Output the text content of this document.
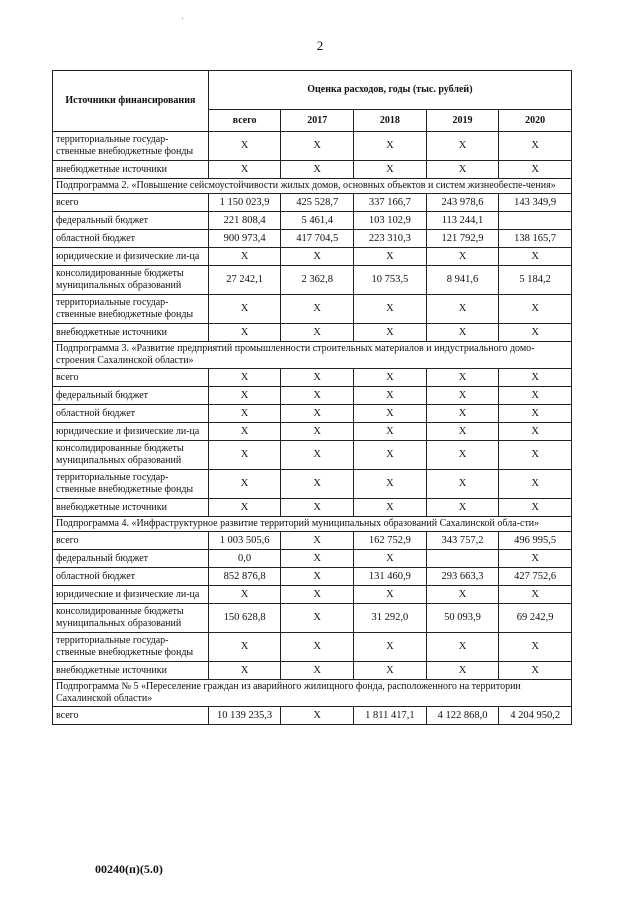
2
Источники финансирования	Оценка расходов, годы (тыс. рублей)				
	всего	2017	2018	2019	2020
территориальные государ-ственные внебюджетные фонды	X	X	X	X	X
внебюджетные источники	X	X	X	X	X
Подпрограмма 2. «Повышение сейсмоустойчивости жилых домов, основных объектов и систем жизнеобеспе-чения»					
всего	1 150 023,9	425 528,7	337 166,7	243 978,6	143 349,9
федеральный бюджет	221 808,4	5 461,4	103 102,9	113 244,1	
областной бюджет	900 973,4	417 704,5	223 310,3	121 792,9	138 165,7
юридические и физические ли-ца	X	X	X	X	X
консолидированные бюджеты муниципальных образований	27 242,1	2 362,8	10 753,5	8 941,6	5 184,2
территориальные государ-ственные внебюджетные фонды	X	X	X	X	X
внебюджетные источники	X	X	X	X	X
Подпрограмма 3. «Развитие предприятий промышленности строительных материалов и индустриального домо-строения Сахалинской области»					
всего	X	X	X	X	X
федеральный бюджет	X	X	X	X	X
областной бюджет	X	X	X	X	X
юридические и физические ли-ца	X	X	X	X	X
консолидированные бюджеты муниципальных образований	X	X	X	X	X
территориальные государ-ственные внебюджетные фонды	X	X	X	X	X
внебюджетные источники	X	X	X	X	X
Подпрограмма 4. «Инфраструктурное развитие территорий муниципальных образований Сахалинской обла-сти»					
всего	1 003 505,6	X	162 752,9	343 757,2	496 995,5
федеральный бюджет	0,0	X	X		X
областной бюджет	852 876,8	X	131 460,9	293 663,3	427 752,6
юридические и физические ли-ца	X	X	X	X	X
консолидированные бюджеты муниципальных образований	150 628,8	X	31 292,0	50 093,9	69 242,9
территориальные государ-ственные внебюджетные фонды	X	X	X	X	X
внебюджетные источники	X	X	X	X	X
Подпрограмма № 5 «Переселение граждан из аварийного жилищного фонда, расположенного на территории Сахалинской области»					
всего	10 139 235,3	X	1 811 417,1	4 122 868,0	4 204 950,2
00240(п)(5.0)
